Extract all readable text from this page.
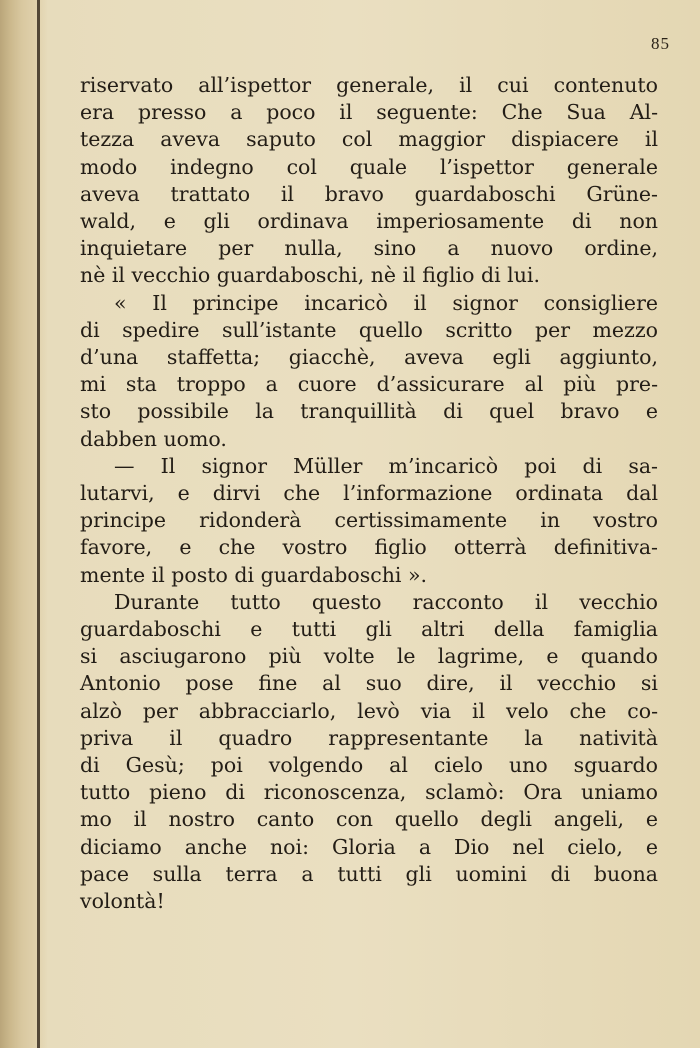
85
riservato all’ispettor generale, il cui contenuto
era presso a poco il seguente: Che Sua Al-
tezza aveva saputo col maggior dispiacere il
modo indegno col quale l’ispettor generale
aveva trattato il bravo guardaboschi Grüne-
wald, e gli ordinava imperiosamente di non
inquietare per nulla, sino a nuovo ordine,
nè il vecchio guardaboschi, nè il figlio di lui.
« Il principe incaricò il signor consigliere
di spedire sull’istante quello scritto per mezzo
d’una staffetta; giacchè, aveva egli aggiunto,
mi sta troppo a cuore d’assicurare al più pre-
sto possibile la tranquillità di quel bravo e
dabben uomo.
— Il signor Müller m’incaricò poi di sa-
lutarvi, e dirvi che l’informazione ordinata dal
principe ridonderà certissimamente in vostro
favore, e che vostro figlio otterrà definitiva-
mente il posto di guardaboschi ».
Durante tutto questo racconto il vecchio
guardaboschi e tutti gli altri della famiglia
si asciugarono più volte le lagrime, e quando
Antonio pose fine al suo dire, il vecchio si
alzò per abbracciarlo, levò via il velo che co-
priva il quadro rappresentante la natività
di Gesù; poi volgendo al cielo uno sguardo
tutto pieno di riconoscenza, sclamò: Ora uniamo
mo il nostro canto con quello degli angeli, e
diciamo anche noi: Gloria a Dio nel cielo, e
pace sulla terra a tutti gli uomini di buona
volontà!
